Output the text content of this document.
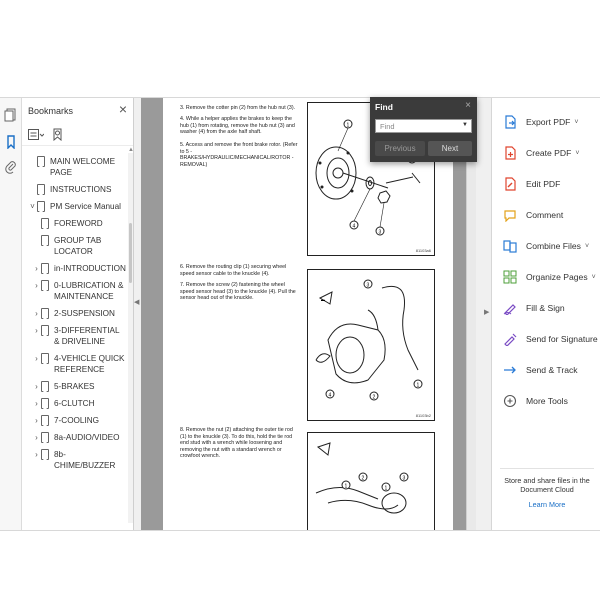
Bookmarks	×
MAIN WELCOME PAGE
INSTRUCTIONS
˅ PM Service Manual
FOREWORD
GROUP TAB LOCATOR
›	in-INTRODUCTION
›	0-LUBRICATION & MAINTENANCE
›	2-SUSPENSION
›	3-DIFFERENTIAL & DRIVELINE
›	4-VEHICLE QUICK REFERENCE
›	5-BRAKES
›	6-CLUTCH
›	7-COOLING
›	8a-AUDIO/VIDEO
›	8b-CHIME/BUZZER
▲
◀
3. Remove the cotter pin (2) from the hub nut (3).
4. While a helper applies the brakes to keep the hub (1) from rotating, remove the hub nut (3) and washer (4) from the axle half shaft.
5. Access and remove the front brake rotor. (Refer to 5 - BRAKES/HYDRAULIC/MECHANICAL/ROTOR - REMOVAL)
1
3
4
81103a6
6. Remove the routing clip (1) securing wheel speed sensor cable to the knuckle (4).
7. Remove the screw (2) fastening the wheel speed sensor head (3) to the knuckle (4). Pull the sensor head out of the knuckle.	▬
3
4	2
1
81103b2
8. Remove the nut (2) attaching the outer tie rod (1) to the knuckle (3). To do this, hold the tie rod end stud with a wrench while loosening and removing the nut with a standard wrench or crowfoot wrench.
2
1	1
3
▶
Store and share files in the Document Cloud
Learn More
Export PDF ˅
Create PDF ˅
Edit PDF
Comment
Combine Files ˅
Organize Pages ˅
Fill & Sign
Send for Signature
Send & Track
More Tools
Find	×
Find	▼
Previous	Next
